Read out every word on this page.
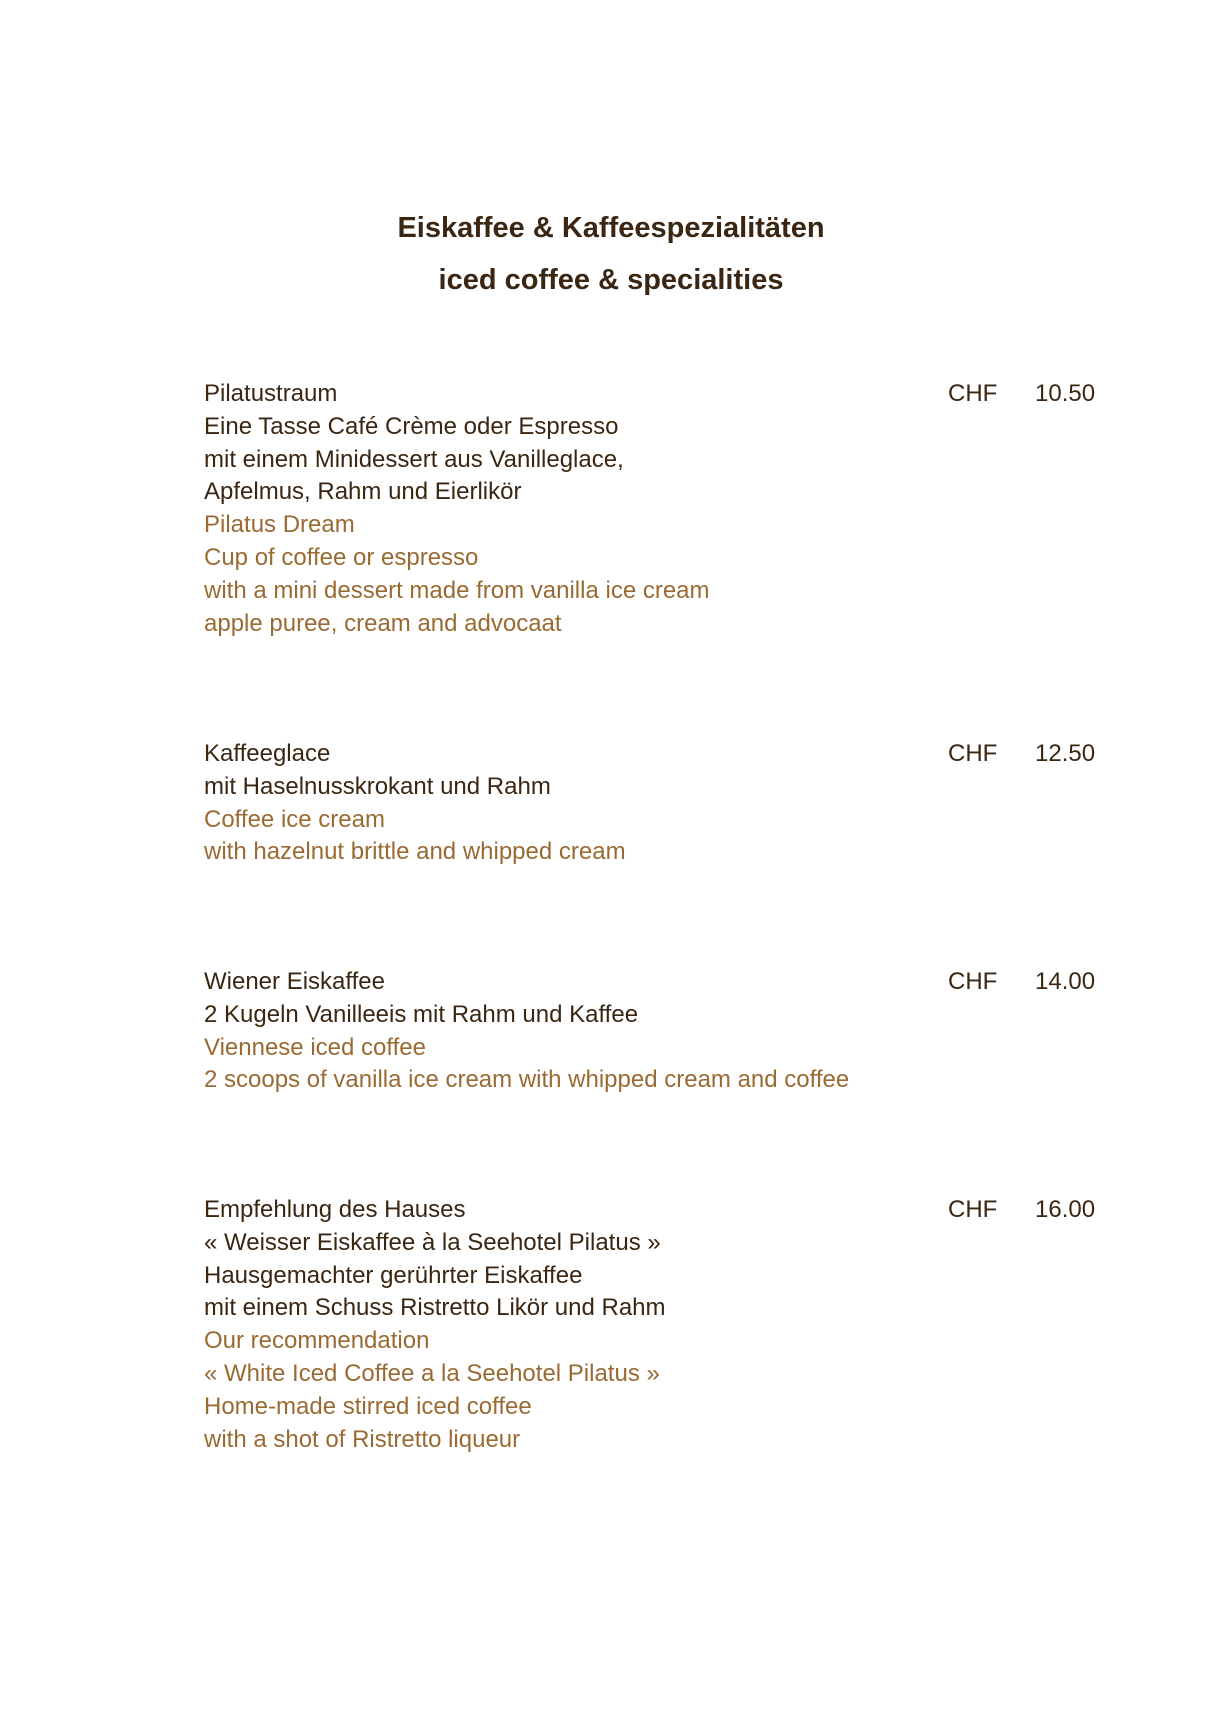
Eiskaffee & Kaffeespezialitäten
iced coffee & specialities
Pilatustraum
Eine Tasse Café Crème oder Espresso
mit einem Minidessert aus Vanilleglace,
Apfelmus, Rahm und Eierlikör
Pilatus Dream
Cup of coffee or espresso
with a mini dessert made from vanilla ice cream
apple puree, cream and advocaat
CHF 10.50
Kaffeeglace
mit Haselnusskrokant und Rahm
Coffee ice cream
with hazelnut brittle and whipped cream
CHF 12.50
Wiener Eiskaffee
2 Kugeln Vanilleeis mit Rahm und Kaffee
Viennese iced coffee
2 scoops of vanilla ice cream with whipped cream and coffee
CHF 14.00
Empfehlung des Hauses
« Weisser Eiskaffee à la Seehotel Pilatus »
Hausgemachter gerührter Eiskaffee
mit einem Schuss Ristretto Likör und Rahm
Our recommendation
« White Iced Coffee a la Seehotel Pilatus »
Home-made stirred iced coffee
with a shot of Ristretto liqueur
CHF 16.00
